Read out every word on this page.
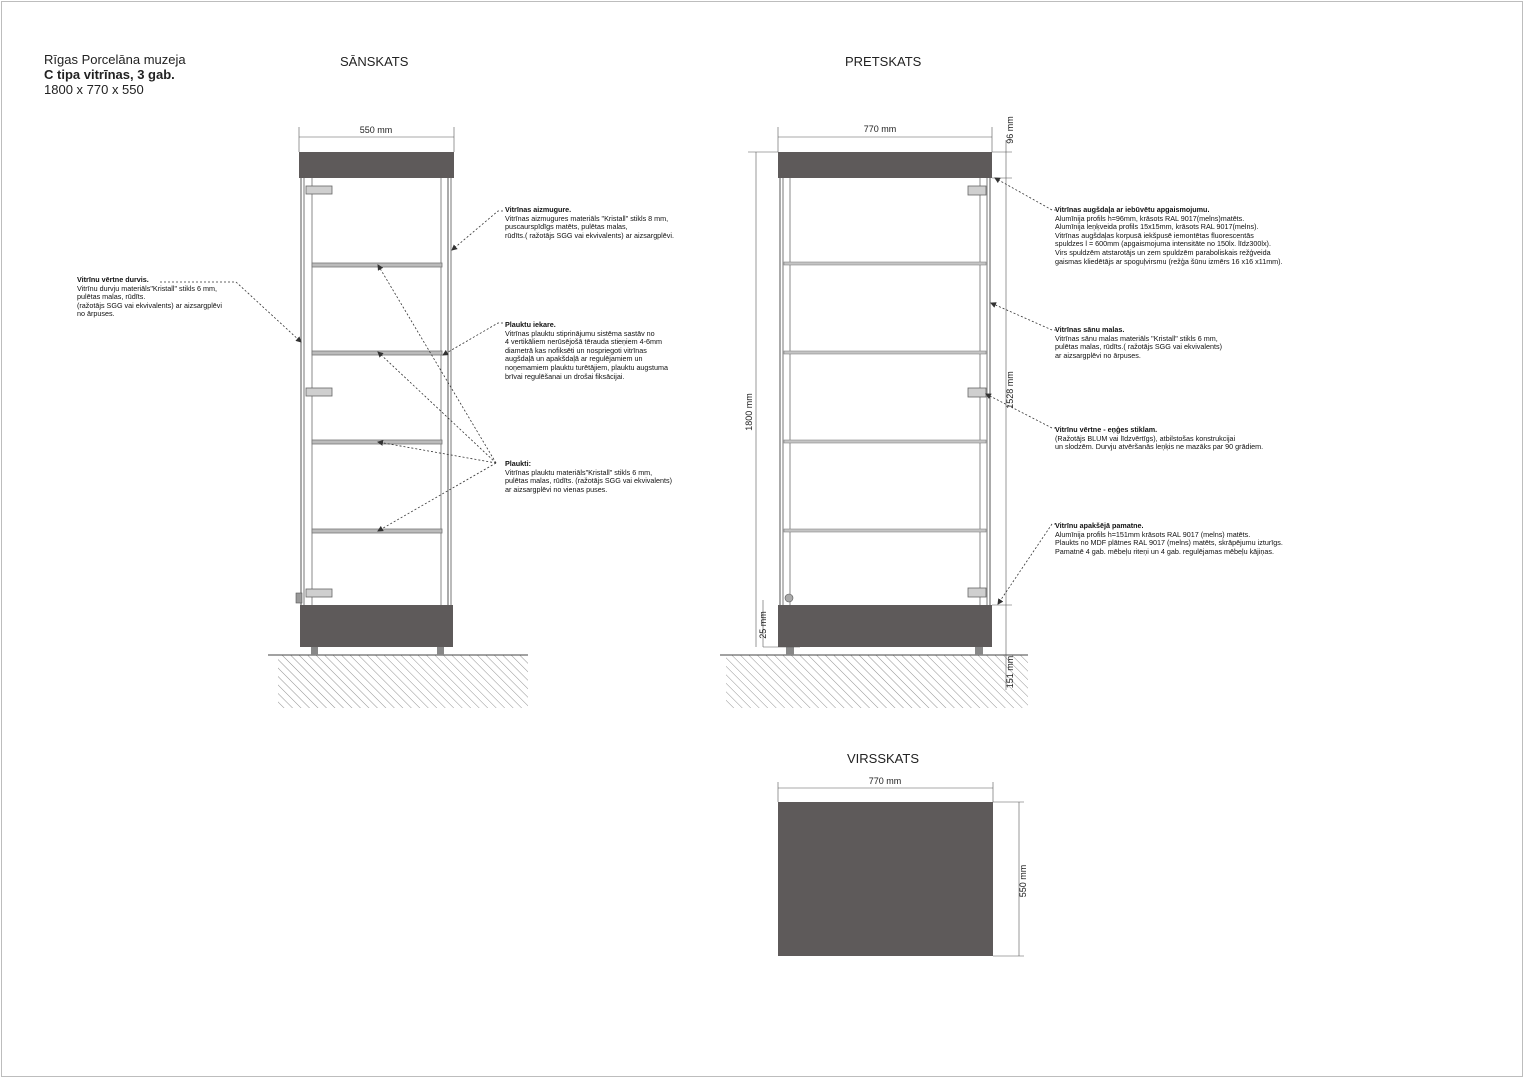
550 mm	770 mm
1800 mm
25 mm
96 mm
1528 mm
151 mm
770 mm
550 mm
Rīgas Porcelāna muzeja
C tipa vitrīnas, 3 gab.
1800 x 770 x 550
SĀNSKATS	PRETSKATS
VIRSSKATS
Vitrīnu vērtne durvis.
Vitrīnu durvju materiāls"Kristall" stikls 6 mm,
pulētas malas, rūdīts.
(ražotājs SGG vai ekvivalents) ar aizsargplēvi
no ārpuses.
Vitrīnas aizmugure.
Vitrīnas aizmugures materiāls "Kristall" stikls 8 mm,
puscaurspīdīgs matēts, pulētas malas,
rūdīts.( ražotājs SGG vai ekvivalents) ar aizsargplēvi.
Plauktu iekare.
Vitrīnas plauktu stiprinājumu sistēma sastāv no
4 vertikāliem nerūsējošā tērauda stieņiem 4-6mm
diametrā kas nofiksēti un nospriegoti vitrīnas
augšdaļā un apakšdaļā ar regulējamiem un
noņemamiem plauktu turētājiem, plauktu augstuma
brīvai regulēšanai un drošai fiksācijai.
Plaukti:
Vitrīnas plauktu materiāls"Kristall" stikls 6 mm,
pulētas malas, rūdīts. (ražotājs SGG vai ekvivalents)
ar aizsargplēvi no vienas puses.
Vitrīnas augšdaļa ar iebūvētu apgaismojumu.
Alumīnija profils h=96mm, krāsots RAL 9017(melns)matēts.
Alumīnija leņķveida profils 15x15mm, krāsots RAL 9017(melns).
Vitrīnas augšdaļas korpusā iekšpusē iemontētas fluorescentās
spuldzes l = 600mm (apgaismojuma intensitāte no 150lx. līdz300lx).
Virs spuldzēm atstarotājs un zem spuldzēm paraboliskais režģveida
gaismas kliedētājs ar spoguļvirsmu (režģa šūnu izmērs 16 x16 x11mm).
Vitrīnas sānu malas.
Vitrīnas sānu malas materiāls "Kristall" stikls 6 mm,
pulētas malas, rūdīts.( ražotājs SGG vai ekvivalents)
ar aizsargplēvi no ārpuses.
Vitrīnu vērtne - eņģes stiklam.
(Ražotājs BLUM vai līdzvērtīgs), atbilstošas konstrukcijai
un slodzēm. Durvju atvēršanās leņķis ne mazāks par 90 grādiem.
Vitrīnu apakšējā pamatne.
Alumīnija profils h=151mm krāsots RAL 9017 (melns) matēts.
Plaukts no MDF plātnes RAL 9017 (melns) matēts, skrāpējumu izturīgs.
Pamatnē 4 gab. mēbeļu riteņi un 4 gab. regulējamas mēbeļu kājiņas.
